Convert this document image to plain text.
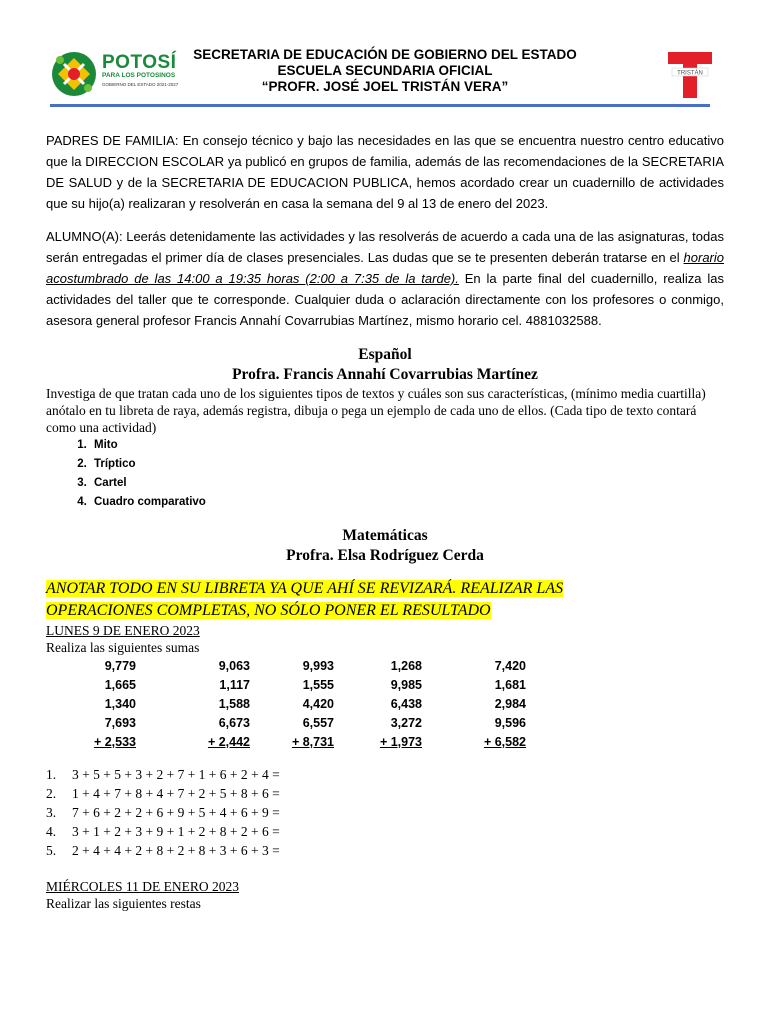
POTOSÍ
PARA LOS POTOSINOS
GOBIERNO DEL ESTADO 2021-2027
SECRETARIA DE EDUCACIÓN DE GOBIERNO DEL ESTADO
ESCUELA SECUNDARIA OFICIAL
“PROFR. JOSÉ JOEL TRISTÁN VERA”
TRISTÁN

PADRES DE FAMILIA: En consejo técnico y bajo las necesidades en las que se encuentra nuestro centro educativo que la DIRECCION ESCOLAR ya publicó en grupos de familia, además de las recomendaciones de la SECRETARIA DE SALUD y de la SECRETARIA DE EDUCACION PUBLICA, hemos acordado crear un cuadernillo de actividades que su hijo(a) realizaran y resolverán en casa la semana del 9 al 13 de enero del 2023.

ALUMNO(A): Leerás detenidamente las actividades y las resolverás de acuerdo a cada una de las asignaturas, todas serán entregadas el primer día de clases presenciales. Las dudas que se te presenten deberán tratarse en el horario acostumbrado de las 14:00 a 19:35 horas (2:00 a 7:35 de la tarde). En la parte final del cuadernillo, realiza las actividades del taller que te corresponde. Cualquier duda o aclaración directamente con los profesores o conmigo, asesora general profesor Francis Annahí Covarrubias Martínez, mismo horario cel. 4881032588.

Español
Profra. Francis Annahí Covarrubias Martínez
Investiga de que tratan cada uno de los siguientes tipos de textos y cuáles son sus características, (mínimo media cuartilla) anótalo en tu libreta de raya, además registra, dibuja o pega un ejemplo de cada uno de ellos. (Cada tipo de texto contará como una actividad)
1. Mito
2. Tríptico
3. Cartel
4. Cuadro comparativo
Matemáticas
Profra. Elsa Rodríguez Cerda
ANOTAR TODO EN SU LIBRETA YA QUE AHÍ SE REVIZARÁ. REALIZAR LAS
OPERACIONES COMPLETAS, NO SÓLO PONER EL RESULTADO
LUNES 9 DE ENERO 2023
Realiza las siguientes sumas
9,779	9,063	9,993	1,268	7,420
1,665	1,117	1,555	9,985	1,681
1,340	1,588	4,420	6,438	2,984
7,693	6,673	6,557	3,272	9,596
+ 2,533	+ 2,442	+ 8,731	+ 1,973	+ 6,582
1. 3 + 5 + 5 + 3 + 2 + 7 + 1 + 6 + 2 + 4 =
2. 1 + 4 + 7 + 8 + 4 + 7 + 2 + 5 + 8 + 6 =
3. 7 + 6 + 2 + 2 + 6 + 9 + 5 + 4 + 6 + 9 =
4. 3 + 1 + 2 + 3 + 9 + 1 + 2 + 8 + 2 + 6 =
5. 2 + 4 + 4 + 2 + 8 + 2 + 8 + 3 + 6 + 3 =
MIÉRCOLES 11 DE ENERO 2023
Realizar las siguientes restas
